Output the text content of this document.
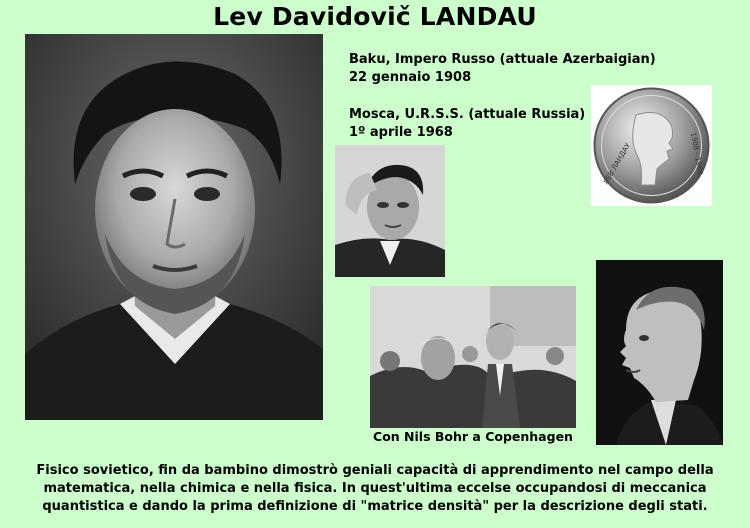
Lev Davidovič LANDAU
Baku, Impero Russo (attuale Azerbaigian)
22 gennaio 1908
Mosca, U.R.S.S. (attuale Russia)
1º aprile 1968
ЛЕВ ЛАНДАУ	1908 - 1968
Con Nils Bohr a Copenhagen
Fisico sovietico, fin da bambino dimostrò geniali capacità di apprendimento nel campo della matematica, nella chimica e nella fisica. In quest'ultima eccelse occupandosi di meccanica quantistica e dando la prima definizione di "matrice densità" per la descrizione degli stati.
